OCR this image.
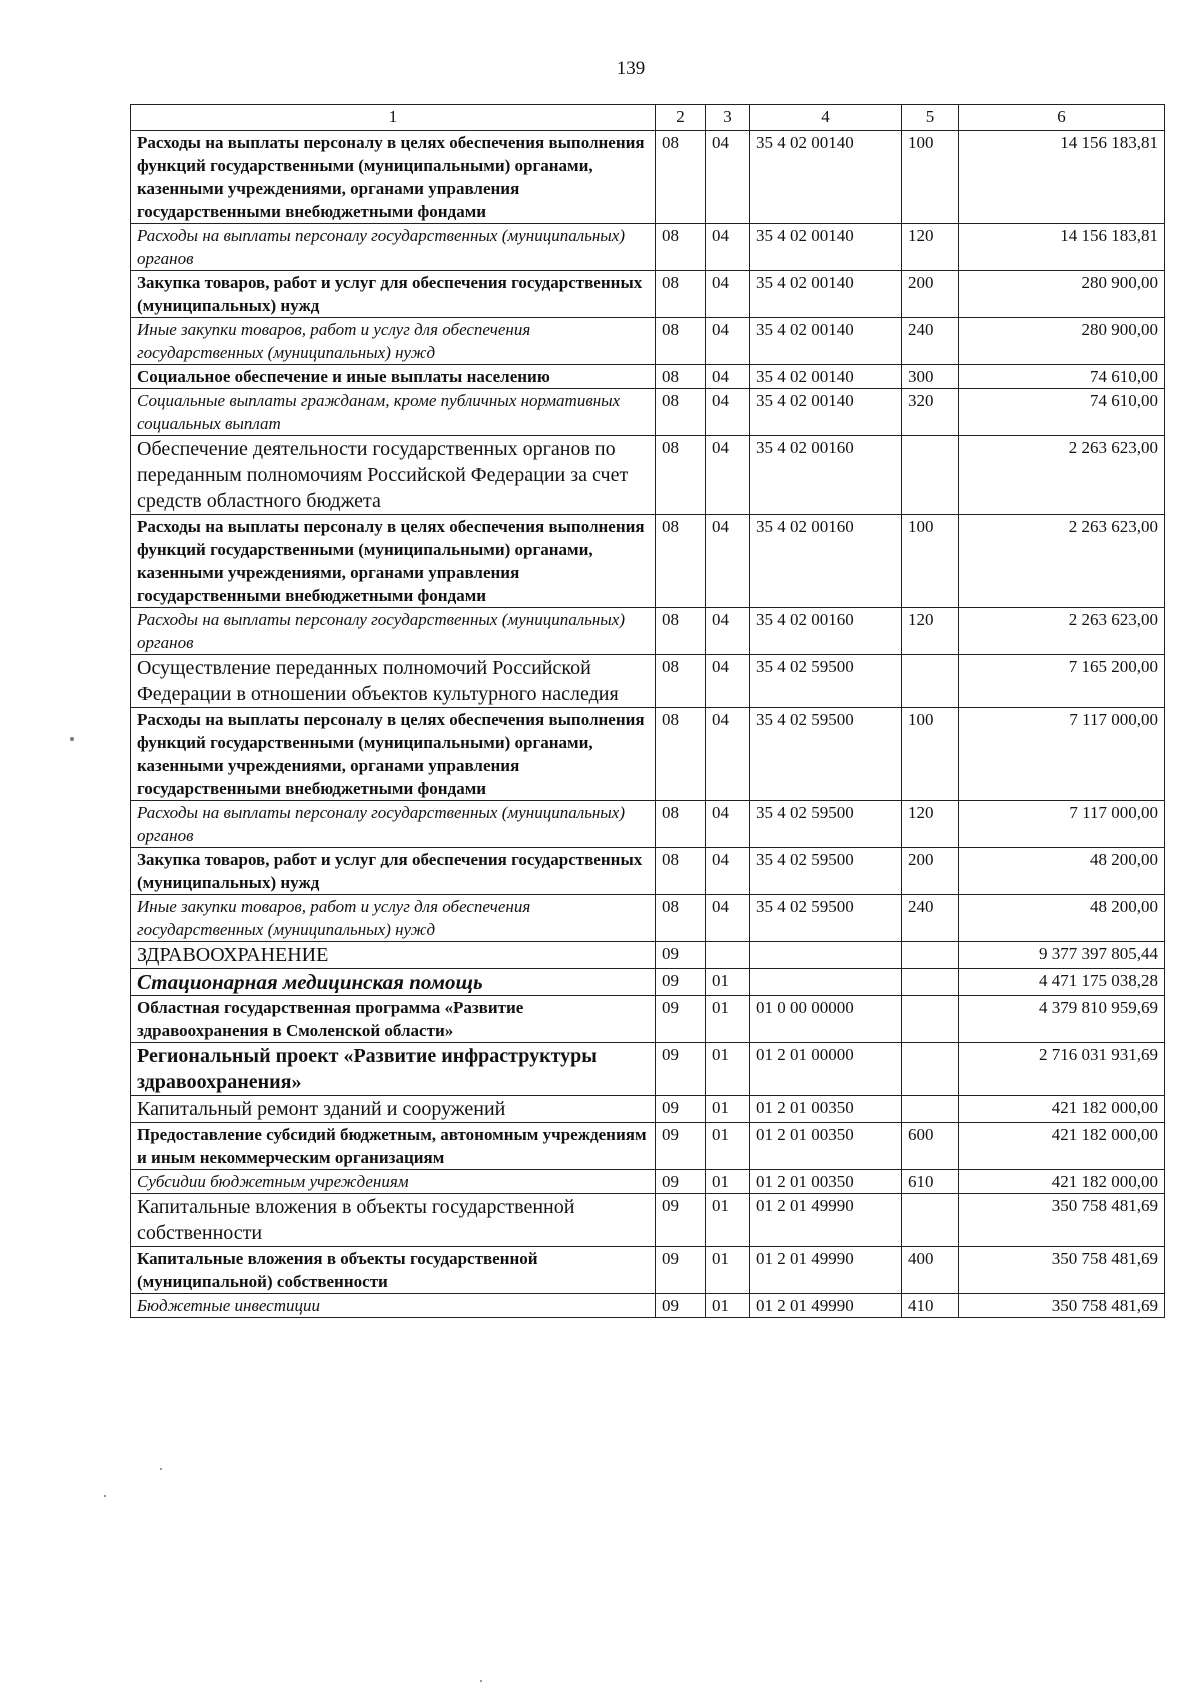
139
1	2	3	4	5	6
Расходы на выплаты персоналу в целях обеспечения выполнения функций государственными (муниципальными) органами, казенными учреждениями, органами управления государственными внебюджетными фондами	08	04	35 4 02 00140	100	14 156 183,81
Расходы на выплаты персоналу государственных (муниципальных) органов	08	04	35 4 02 00140	120	14 156 183,81
Закупка товаров, работ и услуг для обеспечения государственных (муниципальных) нужд	08	04	35 4 02 00140	200	280 900,00
Иные закупки товаров, работ и услуг для обеспечения государственных (муниципальных) нужд	08	04	35 4 02 00140	240	280 900,00
Социальное обеспечение и иные выплаты населению	08	04	35 4 02 00140	300	74 610,00
Социальные выплаты гражданам, кроме публичных нормативных социальных выплат	08	04	35 4 02 00140	320	74 610,00
Обеспечение деятельности государственных органов по переданным полномочиям Российской Федерации за счет средств областного бюджета	08	04	35 4 02 00160		2 263 623,00
Расходы на выплаты персоналу в целях обеспечения выполнения функций государственными (муниципальными) органами, казенными учреждениями, органами управления государственными внебюджетными фондами	08	04	35 4 02 00160	100	2 263 623,00
Расходы на выплаты персоналу государственных (муниципальных) органов	08	04	35 4 02 00160	120	2 263 623,00
Осуществление переданных полномочий Российской Федерации в отношении объектов культурного наследия	08	04	35 4 02 59500		7 165 200,00
Расходы на выплаты персоналу в целях обеспечения выполнения функций государственными (муниципальными) органами, казенными учреждениями, органами управления государственными внебюджетными фондами	08	04	35 4 02 59500	100	7 117 000,00
Расходы на выплаты персоналу государственных (муниципальных) органов	08	04	35 4 02 59500	120	7 117 000,00
Закупка товаров, работ и услуг для обеспечения государственных (муниципальных) нужд	08	04	35 4 02 59500	200	48 200,00
Иные закупки товаров, работ и услуг для обеспечения государственных (муниципальных) нужд	08	04	35 4 02 59500	240	48 200,00
ЗДРАВООХРАНЕНИЕ	09				9 377 397 805,44
Стационарная медицинская помощь	09	01			4 471 175 038,28
Областная государственная программа «Развитие здравоохранения в Смоленской области»	09	01	01 0 00 00000		4 379 810 959,69
Региональный проект «Развитие инфраструктуры здравоохранения»	09	01	01 2 01 00000		2 716 031 931,69
Капитальный ремонт зданий и сооружений	09	01	01 2 01 00350		421 182 000,00
Предоставление субсидий бюджетным, автономным учреждениям и иным некоммерческим организациям	09	01	01 2 01 00350	600	421 182 000,00
Субсидии бюджетным учреждениям	09	01	01 2 01 00350	610	421 182 000,00
Капитальные вложения в объекты государственной собственности	09	01	01 2 01 49990		350 758 481,69
Капитальные вложения в объекты государственной (муниципальной) собственности	09	01	01 2 01 49990	400	350 758 481,69
Бюджетные инвестиции	09	01	01 2 01 49990	410	350 758 481,69
